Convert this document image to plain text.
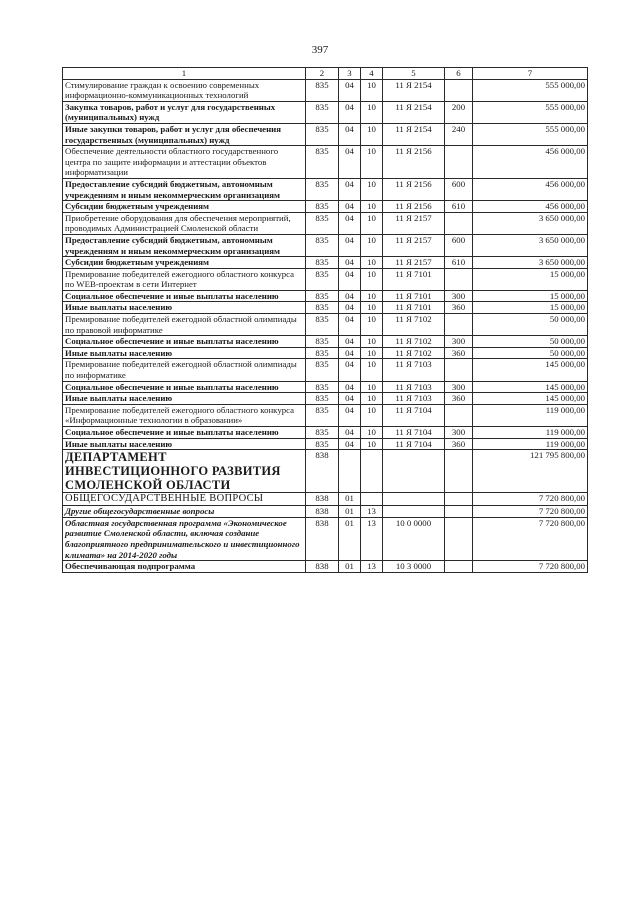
397
1	2	3	4	5	6	7
Стимулирование граждан к освоению современных информационно-коммуникационных технологий	835	04	10	11 Я 2154		555 000,00
Закупка товаров, работ и услуг для государственных (муниципальных) нужд	835	04	10	11 Я 2154	200	555 000,00
Иные закупки товаров, работ и услуг для обеспечения государственных (муниципальных) нужд	835	04	10	11 Я 2154	240	555 000,00
Обеспечение деятельности областного государственного центра по защите информации и аттестации объектов информатизации	835	04	10	11 Я 2156		456 000,00
Предоставление субсидий бюджетным, автономным учреждениям и иным некоммерческим организациям	835	04	10	11 Я 2156	600	456 000,00
Субсидии бюджетным учреждениям	835	04	10	11 Я 2156	610	456 000,00
Приобретение оборудования для обеспечения мероприятий, проводимых Администрацией Смоленской области	835	04	10	11 Я 2157		3 650 000,00
Предоставление субсидий бюджетным, автономным учреждениям и иным некоммерческим организациям	835	04	10	11 Я 2157	600	3 650 000,00
Субсидии бюджетным учреждениям	835	04	10	11 Я 2157	610	3 650 000,00
Премирование победителей ежегодного областного конкурса по WEB-проектам в сети Интернет	835	04	10	11 Я 7101		15 000,00
Социальное обеспечение и иные выплаты населению	835	04	10	11 Я 7101	300	15 000,00
Иные выплаты населению	835	04	10	11 Я 7101	360	15 000,00
Премирование победителей ежегодной областной олимпиады по правовой информатике	835	04	10	11 Я 7102		50 000,00
Социальное обеспечение и иные выплаты населению	835	04	10	11 Я 7102	300	50 000,00
Иные выплаты населению	835	04	10	11 Я 7102	360	50 000,00
Премирование победителей ежегодной областной олимпиады по информатике	835	04	10	11 Я 7103		145 000,00
Социальное обеспечение и иные выплаты населению	835	04	10	11 Я 7103	300	145 000,00
Иные выплаты населению	835	04	10	11 Я 7103	360	145 000,00
Премирование победителей ежегодного областного конкурса «Информационные технологии в образовании»	835	04	10	11 Я 7104		119 000,00
Социальное обеспечение и иные выплаты населению	835	04	10	11 Я 7104	300	119 000,00
Иные выплаты населению	835	04	10	11 Я 7104	360	119 000,00
ДЕПАРТАМЕНТ ИНВЕСТИЦИОННОГО РАЗВИТИЯ СМОЛЕНСКОЙ ОБЛАСТИ	838					121 795 800,00
ОБЩЕГОСУДАРСТВЕННЫЕ ВОПРОСЫ	838	01				7 720 800,00
Другие общегосударственные вопросы	838	01	13			7 720 800,00
Областная государственная программа «Экономическое развитие Смоленской области, включая создание благоприятного предпринимательского и инвестиционного климата» на 2014-2020 годы	838	01	13	10 0 0000		7 720 800,00
Обеспечивающая подпрограмма	838	01	13	10 3 0000		7 720 800,00
